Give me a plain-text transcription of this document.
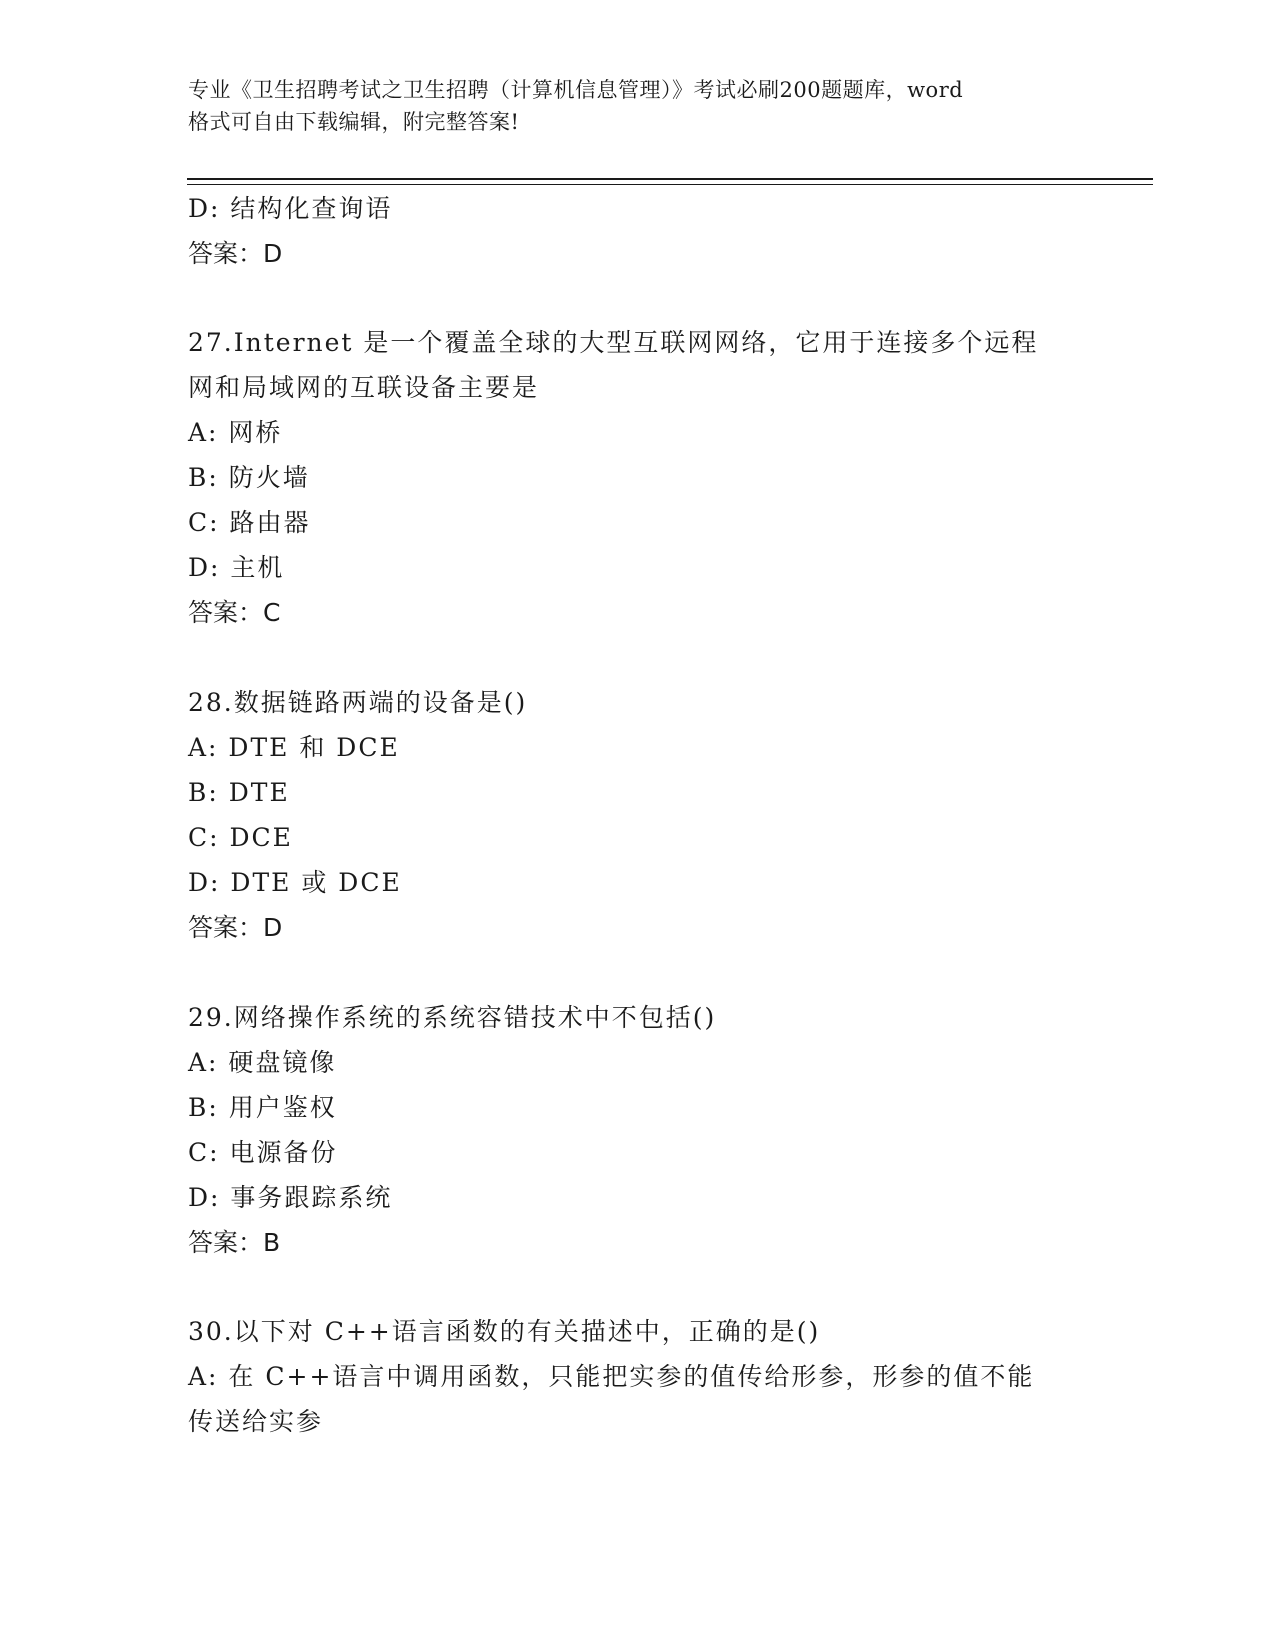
专业《卫生招聘考试之卫生招聘（计算机信息管理）》考试必刷200题题库，word
格式可自由下载编辑，附完整答案!
D: 结构化查询语
答案：D
27.Internet 是一个覆盖全球的大型互联网网络，它用于连接多个远程
网和局域网的互联设备主要是
A: 网桥
B: 防火墙
C: 路由器
D: 主机
答案：C
28.数据链路两端的设备是()
A: DTE 和 DCE
B: DTE
C: DCE
D: DTE 或 DCE
答案：D
29.网络操作系统的系统容错技术中不包括()
A: 硬盘镜像
B: 用户鉴权
C: 电源备份
D: 事务跟踪系统
答案：B
30.以下对 C++语言函数的有关描述中，正确的是()
A: 在 C++语言中调用函数，只能把实参的值传给形参，形参的值不能
传送给实参
